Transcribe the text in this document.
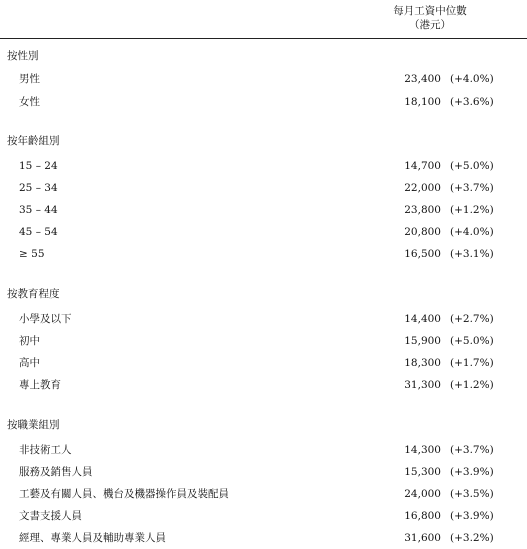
每月工資中位數
（港元）
按性別
男性	23,400 (+4.0%)
女性	18,100 (+3.6%)
按年齡組別
15 – 24	14,700 (+5.0%)
25 – 34	22,000 (+3.7%)
35 – 44	23,800 (+1.2%)
45 – 54	20,800 (+4.0%)
≥ 55	16,500 (+3.1%)
按教育程度
小學及以下	14,400 (+2.7%)
初中	15,900 (+5.0%)
高中	18,300 (+1.7%)
專上教育	31,300 (+1.2%)
按職業組別
非技術工人	14,300 (+3.7%)
服務及銷售人員	15,300 (+3.9%)
工藝及有關人員、機台及機器操作員及裝配員	24,000 (+3.5%)
文書支援人員	16,800 (+3.9%)
經理、專業人員及輔助專業人員	31,600 (+3.2%)
